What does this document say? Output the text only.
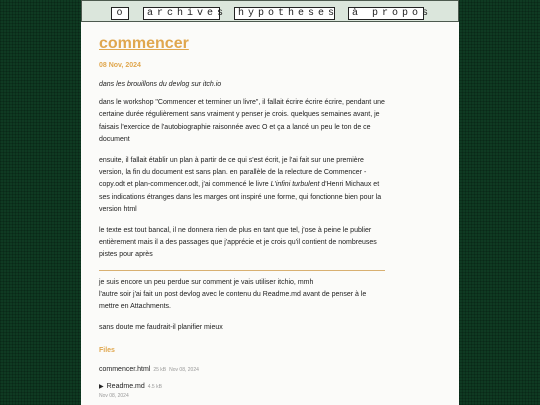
o	archives	hypotheses	à propos
commencer
08 Nov, 2024
dans les brouillons du devlog sur itch.io
dans le workshop "Commencer et terminer un livre", il fallait écrire écrire écrire, pendant une certaine durée régulièrement sans vraiment y penser je crois. quelques semaines avant, je faisais l'exercice de l'autobiographie raisonnée avec O et ça a lancé un peu le ton de ce document
ensuite, il fallait établir un plan à partir de ce qui s'est écrit, je l'ai fait sur une première version, la fin du document est sans plan. en parallèle de la relecture de Commencer - copy.odt et plan-commencer.odt, j'ai commencé le livre L'infini turbulent d'Henri Michaux et ses indications étranges dans les marges ont inspiré une forme, qui fonctionne bien pour la version html
le texte est tout bancal, il ne donnera rien de plus en tant que tel, j'ose à peine le publier entièrement mais il a des passages que j'apprécie et je crois qu'il contient de nombreuses pistes pour après
je suis encore un peu perdue sur comment je vais utiliser itchio, mmh
l'autre soir j'ai fait un post devlog avec le contenu du Readme.md avant de penser à le mettre en Attachments.
sans doute me faudrait-il planifier mieux
Files
commencer.html 25 kB Nov 08, 2024
▶ Readme.md 4.5 kB
Nov 08, 2024
